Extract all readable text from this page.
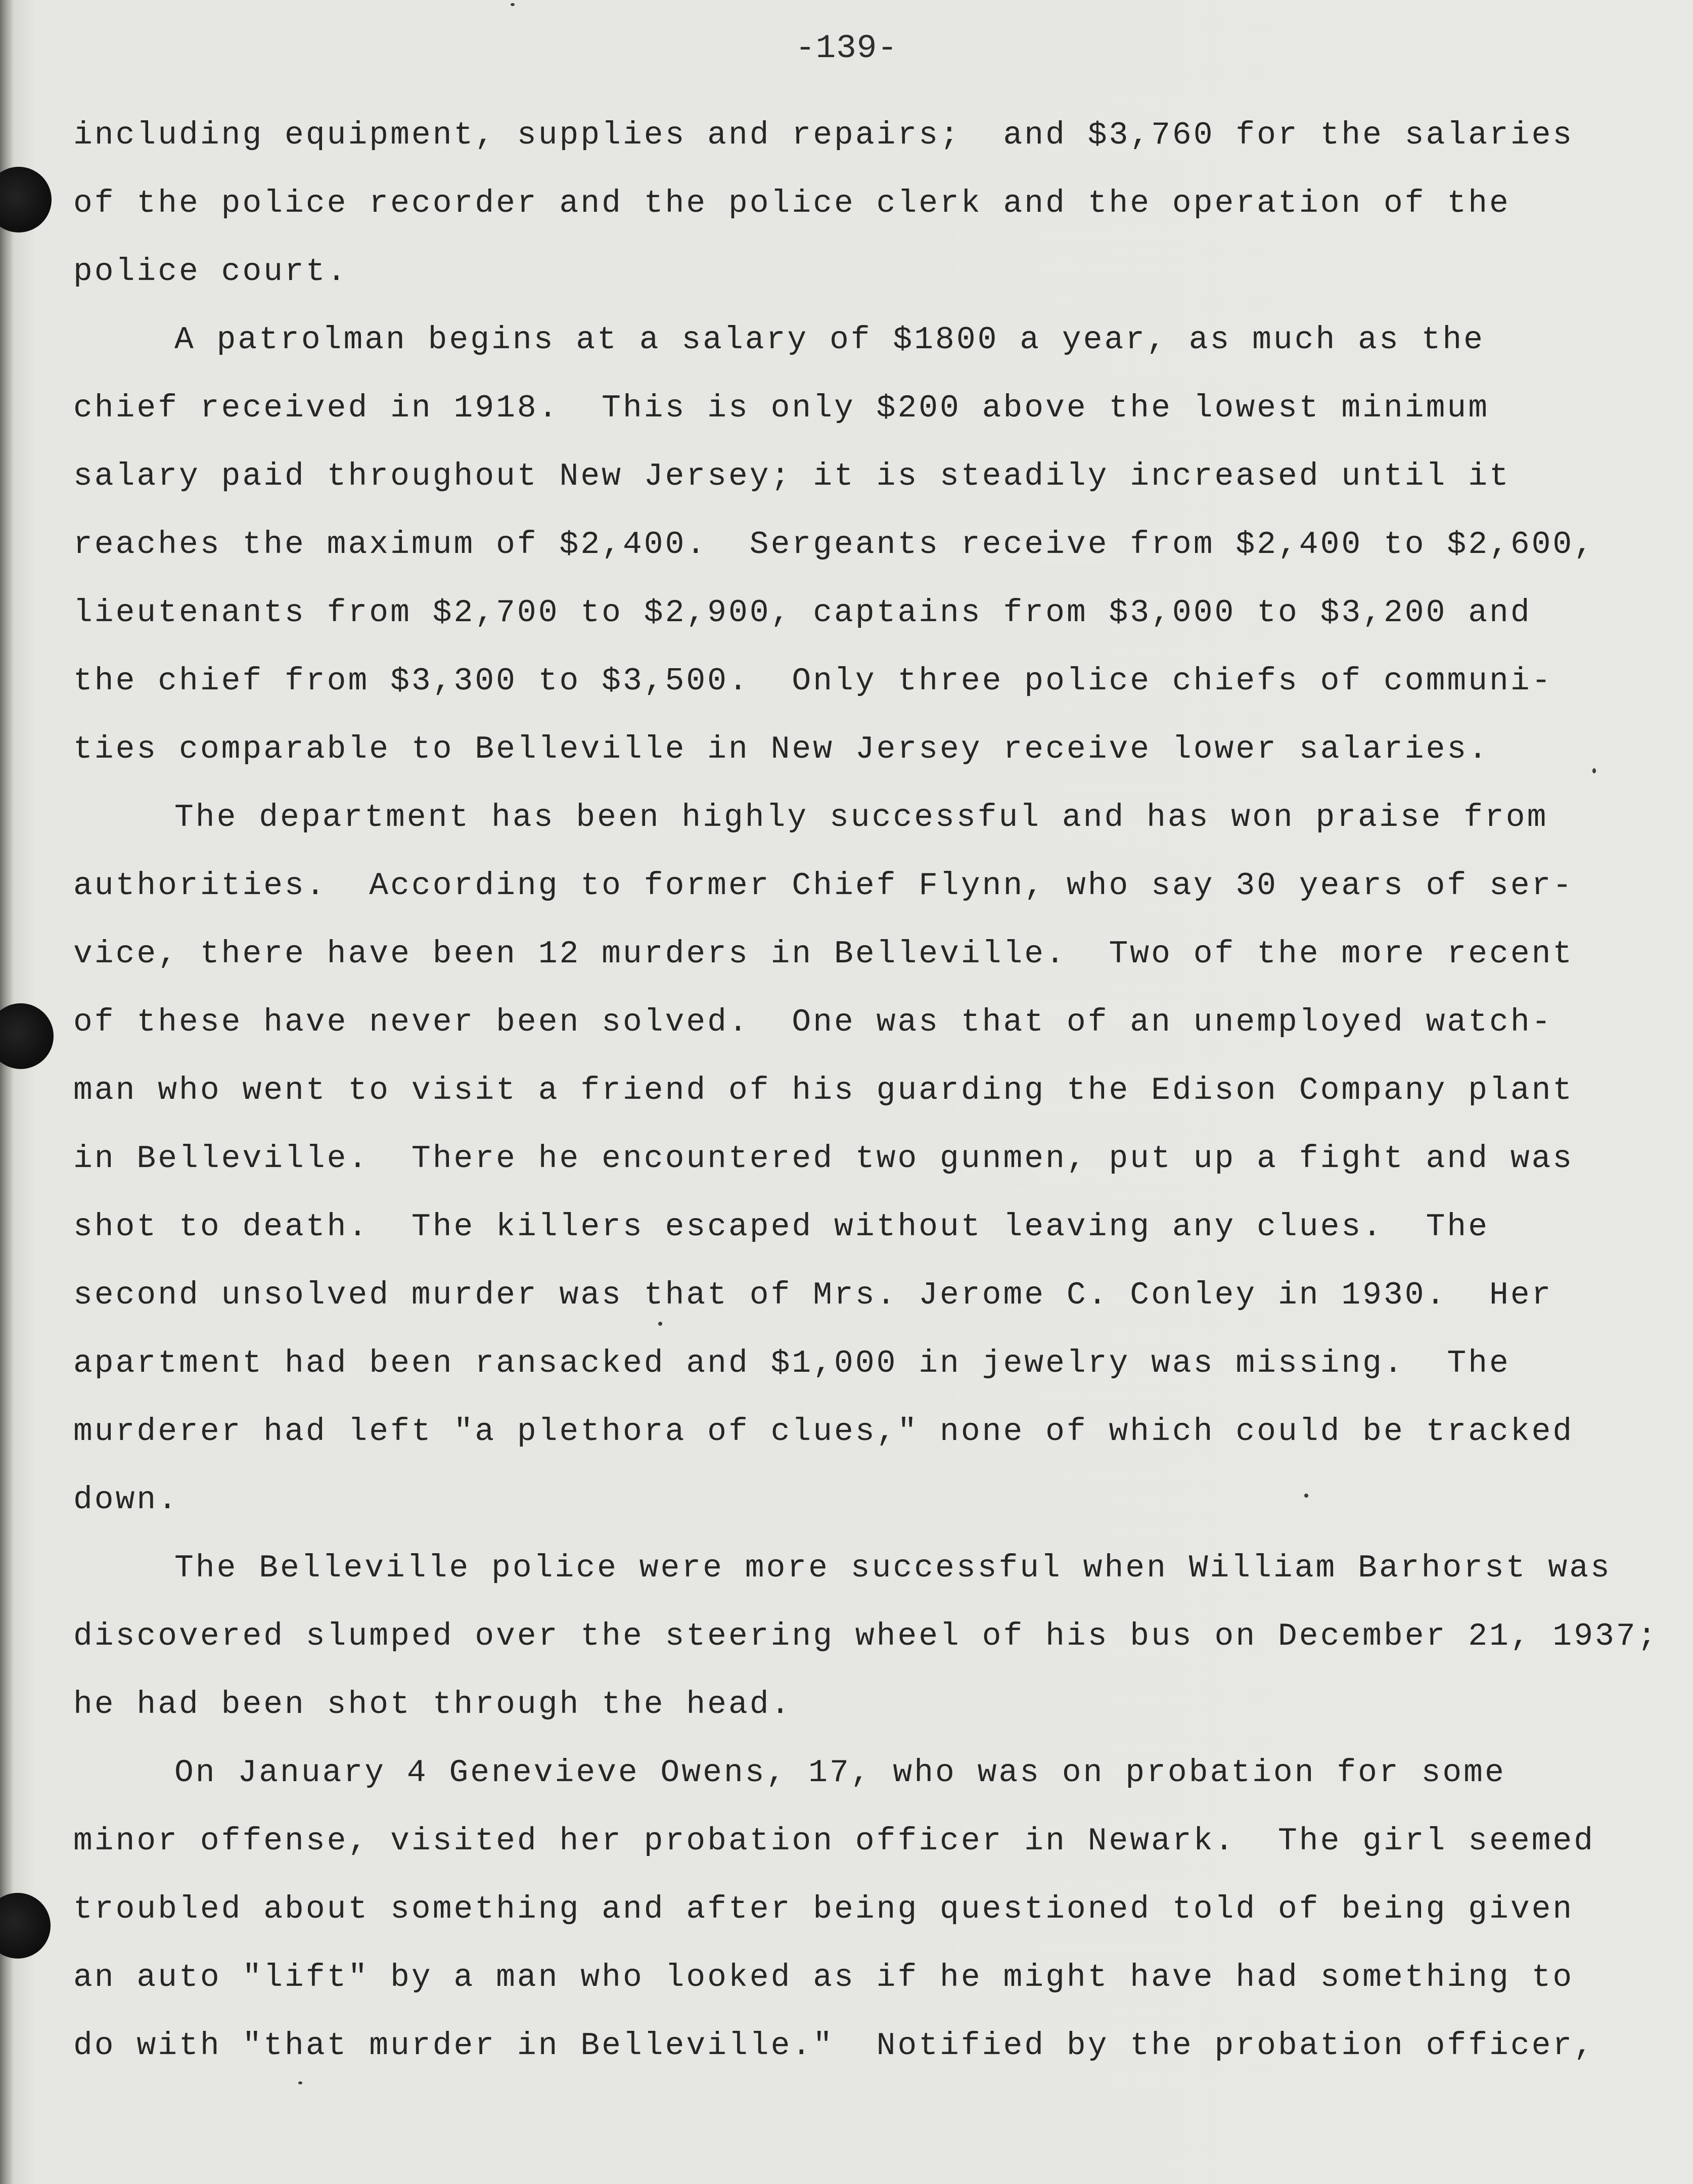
-139-
including equipment, supplies and repairs;  and $3,760 for the salaries
of the police recorder and the police clerk and the operation of the
police court.
A patrolman begins at a salary of $1800 a year, as much as the
chief received in 1918.  This is only $200 above the lowest minimum
salary paid throughout New Jersey; it is steadily increased until it
reaches the maximum of $2,400.  Sergeants receive from $2,400 to $2,600,
lieutenants from $2,700 to $2,900, captains from $3,000 to $3,200 and
the chief from $3,300 to $3,500.  Only three police chiefs of communi-
ties comparable to Belleville in New Jersey receive lower salaries.
The department has been highly successful and has won praise from
authorities.  According to former Chief Flynn, who say 30 years of ser-
vice, there have been 12 murders in Belleville.  Two of the more recent
of these have never been solved.  One was that of an unemployed watch-
man who went to visit a friend of his guarding the Edison Company plant
in Belleville.  There he encountered two gunmen, put up a fight and was
shot to death.  The killers escaped without leaving any clues.  The
second unsolved murder was that of Mrs. Jerome C. Conley in 1930.  Her
apartment had been ransacked and $1,000 in jewelry was missing.  The
murderer had left "a plethora of clues," none of which could be tracked
down.
The Belleville police were more successful when William Barhorst was
discovered slumped over the steering wheel of his bus on December 21, 1937;
he had been shot through the head.
On January 4 Genevieve Owens, 17, who was on probation for some
minor offense, visited her probation officer in Newark.  The girl seemed
troubled about something and after being questioned told of being given
an auto "lift" by a man who looked as if he might have had something to
do with "that murder in Belleville."  Notified by the probation officer,
